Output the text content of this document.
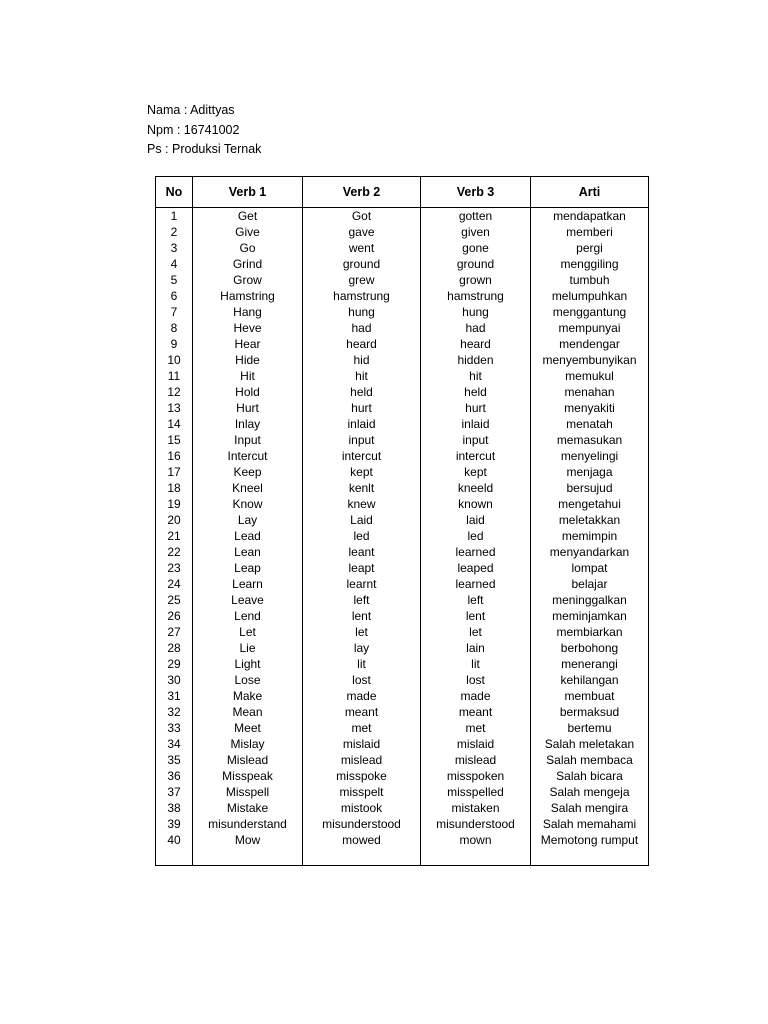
Nama : Adittyas
Npm : 16741002
Ps : Produksi Ternak
No	Verb 1	Verb 2	Verb 3	Arti

1	Get	Got	gotten	mendapatkan
2	Give	gave	given	memberi
3	Go	went	gone	pergi
4	Grind	ground	ground	menggiling
5	Grow	grew	grown	tumbuh
6	Hamstring	hamstrung	hamstrung	melumpuhkan
7	Hang	hung	hung	menggantung
8	Heve	had	had	mempunyai
9	Hear	heard	heard	mendengar
10	Hide	hid	hidden	menyembunyikan
11	Hit	hit	hit	memukul
12	Hold	held	held	menahan
13	Hurt	hurt	hurt	menyakiti
14	Inlay	inlaid	inlaid	menatah
15	Input	input	input	memasukan
16	Intercut	intercut	intercut	menyelingi
17	Keep	kept	kept	menjaga
18	Kneel	kenlt	kneeld	bersujud
19	Know	knew	known	mengetahui
20	Lay	Laid	laid	meletakkan
21	Lead	led	led	memimpin
22	Lean	leant	learned	menyandarkan
23	Leap	leapt	leaped	lompat
24	Learn	learnt	learned	belajar
25	Leave	left	left	meninggalkan
26	Lend	lent	lent	meminjamkan
27	Let	let	let	membiarkan
28	Lie	lay	lain	berbohong
29	Light	lit	lit	menerangi
30	Lose	lost	lost	kehilangan
31	Make	made	made	membuat
32	Mean	meant	meant	bermaksud
33	Meet	met	met	bertemu
34	Mislay	mislaid	mislaid	Salah meletakan
35	Mislead	mislead	mislead	Salah membaca
36	Misspeak	misspoke	misspoken	Salah bicara
37	Misspell	misspelt	misspelled	Salah mengeja
38	Mistake	mistook	mistaken	Salah mengira
39	misunderstand	misunderstood	misunderstood	Salah memahami
40	Mow	mowed	mown	Memotong rumput
